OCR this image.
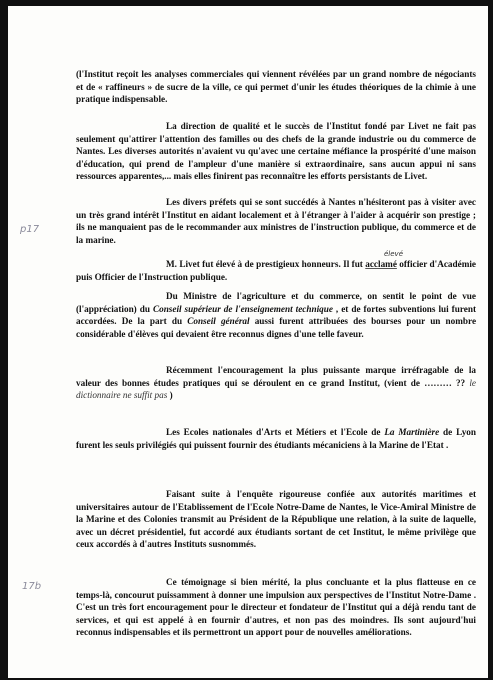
p17
17b

(l'Institut reçoit les analyses commerciales qui viennent révélées par un grand nombre de négociants et de « raffineurs » de sucre de la ville, ce qui permet d'unir les études théoriques de la chimie à une pratique indispensable.

La direction de qualité et le succès de l'Institut fondé par Livet ne fait pas seulement qu'attirer l'attention des familles ou des chefs de la grande industrie ou du commerce de Nantes. Les diverses autorités n'avaient vu qu'avec une certaine méfiance la prospérité d'une maison d'éducation, qui prend de l'ampleur d'une manière si extraordinaire, sans aucun appui ni sans ressources apparentes,... mais elles finirent pas reconnaître les efforts persistants de Livet.

Les divers préfets qui se sont succédés à Nantes n'hésiteront pas à visiter avec un très grand intérêt l'Institut en aidant localement et à l'étranger à l'aider à acquérir son prestige ; ils ne manquaient pas de le recommander aux ministres de l'instruction publique, du commerce et de la marine.

M. Livet fut élevé à de prestigieux honneurs. Il fut acclamé officier d'Académie puis Officier de l'Instruction publique.

Du Ministre de l'agriculture et du commerce, on sentit le point de vue (l'appréciation) du Conseil supérieur de l'enseignement technique , et de fortes subventions lui furent accordées. De la part du Conseil général aussi furent attribuées des bourses pour un nombre considérable d'élèves qui devaient être reconnus dignes d'une telle faveur.

Récemment l'encouragement la plus puissante marque irréfragable de la valeur des bonnes études pratiques qui se déroulent en ce grand Institut, (vient de ……… ?? le dictionnaire ne suffit pas )

Les Ecoles nationales d'Arts et Métiers et l'Ecole de La Martinière de Lyon furent les seuls privilégiés qui puissent fournir des étudiants mécaniciens à la Marine de l'Etat .

Faisant suite à l'enquête rigoureuse confiée aux autorités maritimes et universitaires autour de l'Etablissement de l'Ecole Notre-Dame de Nantes, le Vice-Amiral Ministre de la Marine et des Colonies transmit au Président de la République une relation, à la suite de laquelle, avec un décret présidentiel, fut accordé aux étudiants sortant de cet Institut, le même privilège que ceux accordés à d'autres Instituts susnommés.

Ce témoignage si bien mérité, la plus concluante et la plus flatteuse en ce temps-là, concourut puissamment à donner une impulsion aux perspectives de l'Institut Notre-Dame . C'est un très fort encouragement pour le directeur et fondateur de l'Institut qui a déjà rendu tant de services, et qui est appelé à en fournir d'autres, et non pas des moindres. Ils sont aujourd'hui reconnus indispensables et ils permettront un apport pour de nouvelles améliorations.

élevé
